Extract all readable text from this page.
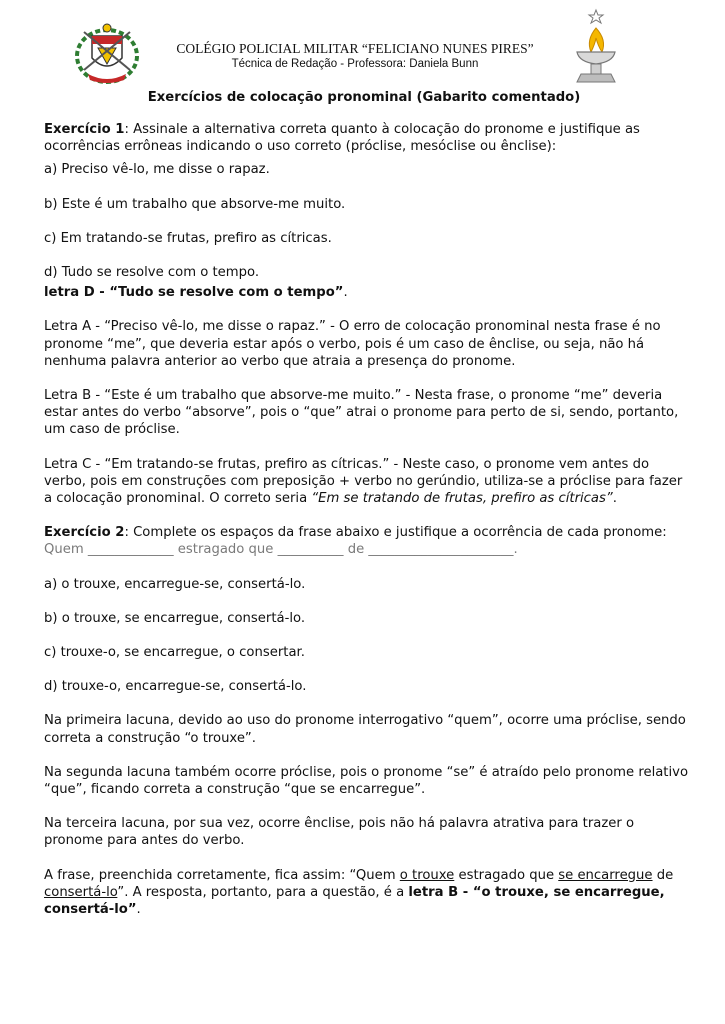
COLÉGIO POLICIAL MILITAR “FELICIANO NUNES PIRES”
Técnica de Redação - Professora: Daniela Bunn
Exercícios de colocação pronominal (Gabarito comentado)

Exercício 1: Assinale a alternativa correta quanto à colocação do pronome e justifique as ocorrências errôneas indicando o uso correto (próclise, mesóclise ou ênclise):

a) Preciso vê-lo, me disse o rapaz.

b) Este é um trabalho que absorve-me muito.

c) Em tratando-se frutas, prefiro as cítricas.

d) Tudo se resolve com o tempo.

letra D - “Tudo se resolve com o tempo”.

Letra A - “Preciso vê-lo, me disse o rapaz.” - O erro de colocação pronominal nesta frase é no pronome “me”, que deveria estar após o verbo, pois é um caso de ênclise, ou seja, não há nenhuma palavra anterior ao verbo que atraia a presença do pronome.

Letra B - “Este é um trabalho que absorve-me muito.” - Nesta frase, o pronome “me” deveria estar antes do verbo “absorve”, pois o “que” atrai o pronome para perto de si, sendo, portanto, um caso de próclise.

Letra C - “Em tratando-se frutas, prefiro as cítricas.” - Neste caso, o pronome vem antes do verbo, pois em construções com preposição + verbo no gerúndio, utiliza-se a próclise para fazer a colocação pronominal. O correto seria “Em se tratando de frutas, prefiro as cítricas”.

Exercício 2: Complete os espaços da frase abaixo e justifique a ocorrência de cada pronome:

Quem _____________ estragado que __________ de ______________________.

a) o trouxe, encarregue-se, consertá-lo.

b) o trouxe, se encarregue, consertá-lo.

c) trouxe-o, se encarregue, o consertar.

d) trouxe-o, encarregue-se, consertá-lo.

Na primeira lacuna, devido ao uso do pronome interrogativo “quem”, ocorre uma próclise, sendo correta a construção “o trouxe”.

Na segunda lacuna também ocorre próclise, pois o pronome “se” é atraído pelo pronome relativo “que”, ficando correta a construção “que se encarregue”.

Na terceira lacuna, por sua vez, ocorre ênclise, pois não há palavra atrativa para trazer o pronome para antes do verbo.

A frase, preenchida corretamente, fica assim: “Quem o trouxe estragado que se encarregue de consertá-lo”. A resposta, portanto, para a questão, é a letra B - “o trouxe, se encarregue, consertá-lo”.
